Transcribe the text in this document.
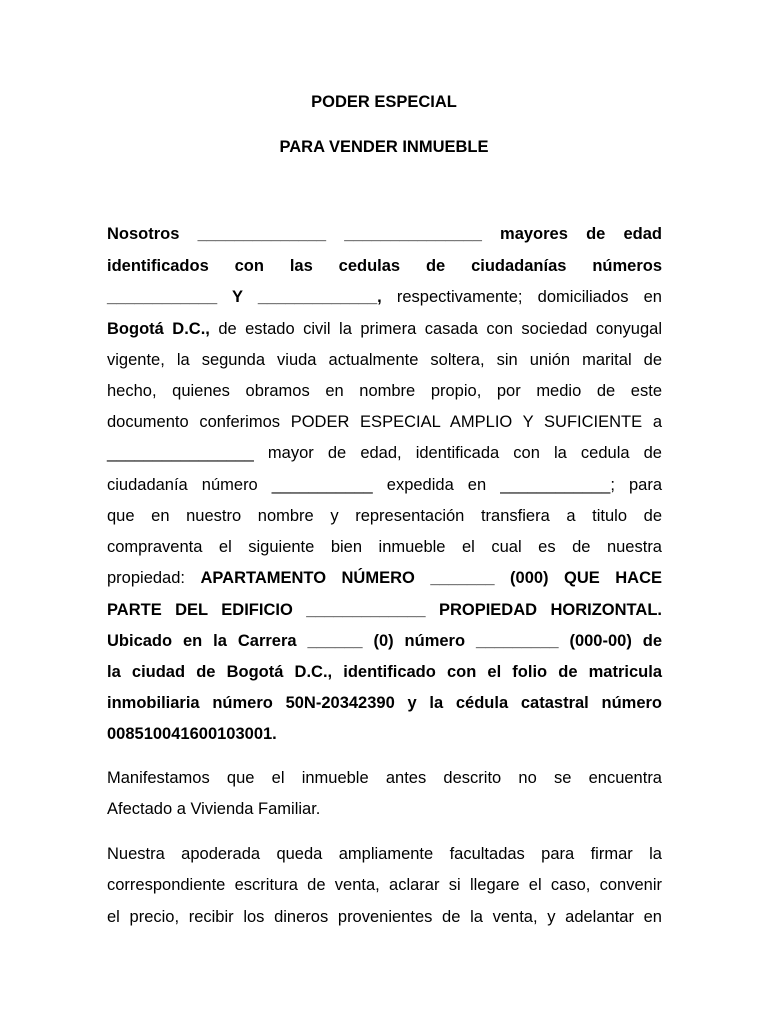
PODER ESPECIAL
PARA VENDER INMUEBLE
Nosotros ______________ _______________ mayores de edad
identificados con las cedulas de ciudadanías números
____________ Y _____________, respectivamente; domiciliados en
Bogotá D.C., de estado civil la primera casada con sociedad conyugal
vigente, la segunda viuda actualmente soltera, sin unión marital de
hecho, quienes obramos en nombre propio, por medio de este
documento conferimos PODER ESPECIAL AMPLIO Y SUFICIENTE a
________________ mayor de edad, identificada con la cedula de
ciudadanía número ___________ expedida en ____________; para
que en nuestro nombre y representación transfiera a titulo de
compraventa el siguiente bien inmueble el cual es de nuestra
propiedad: APARTAMENTO NÚMERO _______ (000) QUE HACE
PARTE DEL EDIFICIO _____________ PROPIEDAD HORIZONTAL.
Ubicado en la Carrera ______ (0) número _________ (000-00) de
la ciudad de Bogotá D.C., identificado con el folio de matricula
inmobiliaria número 50N-20342390 y la cédula catastral número
008510041600103001.
Manifestamos que el inmueble antes descrito no se encuentra
Afectado a Vivienda Familiar.
Nuestra apoderada queda ampliamente facultadas para firmar la
correspondiente escritura de venta, aclarar si llegare el caso, convenir
el precio, recibir los dineros provenientes de la venta, y adelantar en
